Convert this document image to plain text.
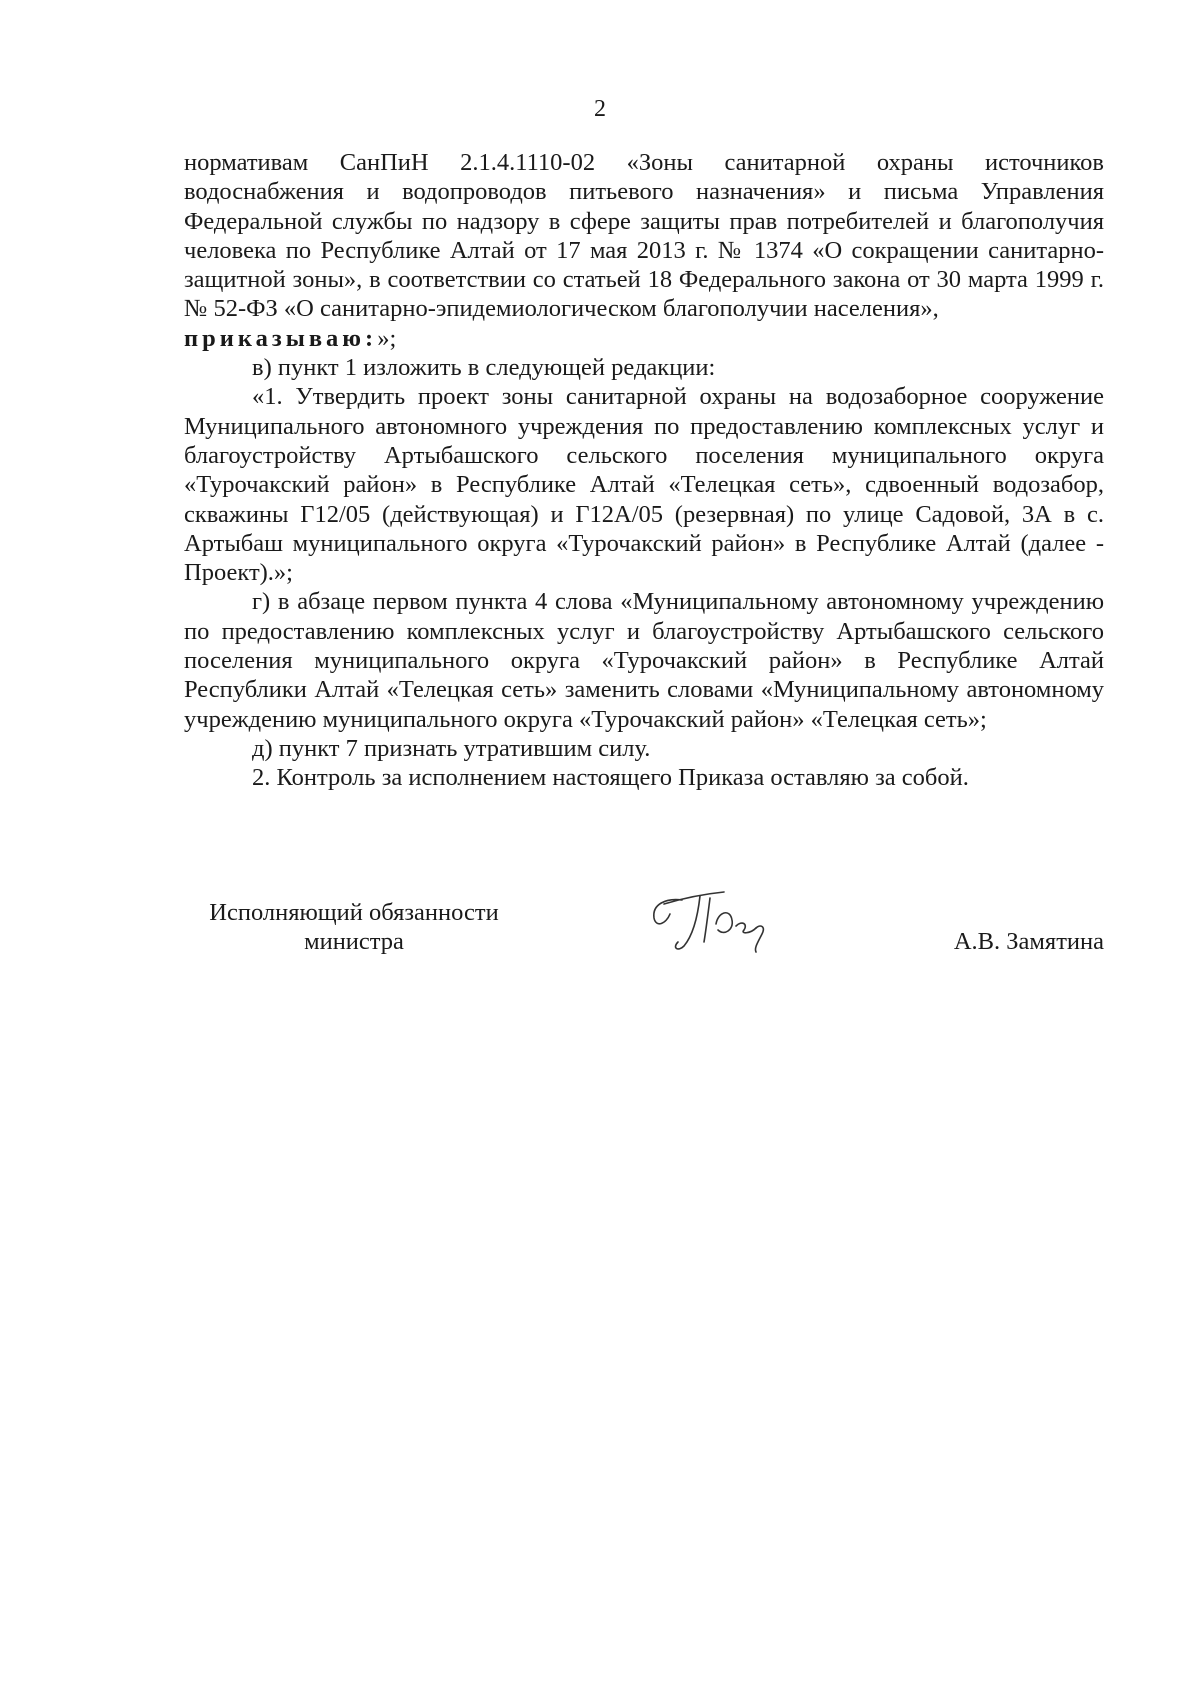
2

нормативам СанПиН 2.1.4.1110-02 «Зоны санитарной охраны источников водоснабжения и водопроводов питьевого назначения» и письма Управления Федеральной службы по надзору в сфере защиты прав потребителей и благополучия человека по Республике Алтай от 17 мая 2013 г. № 1374 «О сокращении санитарно-защитной зоны», в соответствии со статьей 18 Федерального закона от 30 марта 1999 г. № 52-ФЗ «О санитарно-эпидемиологическом благополучии населения»,
приказываю:»;

в) пункт 1 изложить в следующей редакции:

«1. Утвердить проект зоны санитарной охраны на водозаборное сооружение Муниципального автономного учреждения по предоставлению комплексных услуг и благоустройству Артыбашского сельского поселения муниципального округа «Турочакский район» в Республике Алтай «Телецкая сеть», сдвоенный водозабор, скважины Г12/05 (действующая) и Г12А/05 (резервная) по улице Садовой, 3А в с. Артыбаш муниципального округа «Турочакский район» в Республике Алтай (далее - Проект).»;

г) в абзаце первом пункта 4 слова «Муниципальному автономному учреждению по предоставлению комплексных услуг и благоустройству Артыбашского сельского поселения муниципального округа «Турочакский район» в Республике Алтай Республики Алтай «Телецкая сеть» заменить словами «Муниципальному автономному учреждению муниципального округа «Турочакский район» «Телецкая сеть»;

д) пункт 7 признать утратившим силу.

2. Контроль за исполнением настоящего Приказа оставляю за собой.

Исполняющий обязанности
министра	А.В. Замятина
